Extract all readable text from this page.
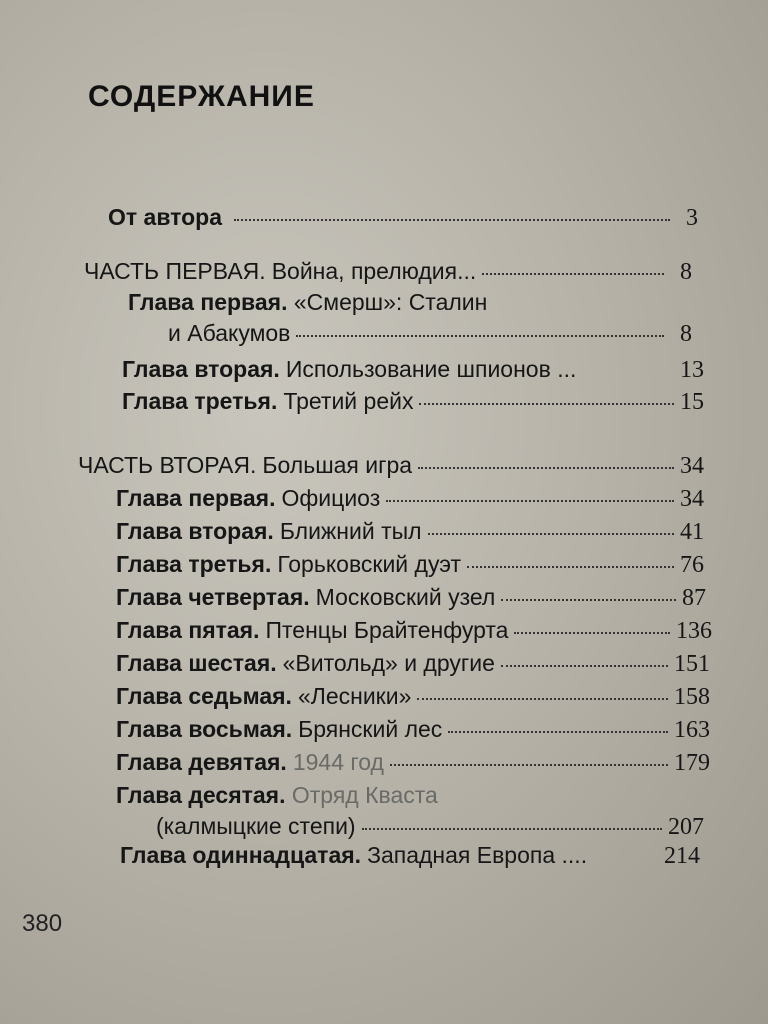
СОДЕРЖАНИЕ
От автора	3
ЧАСТЬ ПЕРВАЯ. Война, прелюдия...	8
Глава первая. «Смерш»: Сталин
и Абакумов	8
Глава вторая. Использование шпионов ...	13
Глава третья. Третий рейх	15
ЧАСТЬ ВТОРАЯ. Большая игра	34
Глава первая. Официоз	34
Глава вторая. Ближний тыл	41
Глава третья. Горьковский дуэт	76
Глава четвертая. Московский узел	87
Глава пятая. Птенцы Брайтенфурта	136
Глава шестая. «Витольд» и другие	151
Глава седьмая. «Лесники»	158
Глава восьмая. Брянский лес	163
Глава девятая. 1944 год	179
Глава десятая. Отряд Кваста
(калмыцкие степи)	207
Глава одиннадцатая. Западная Европа ....	214
380
